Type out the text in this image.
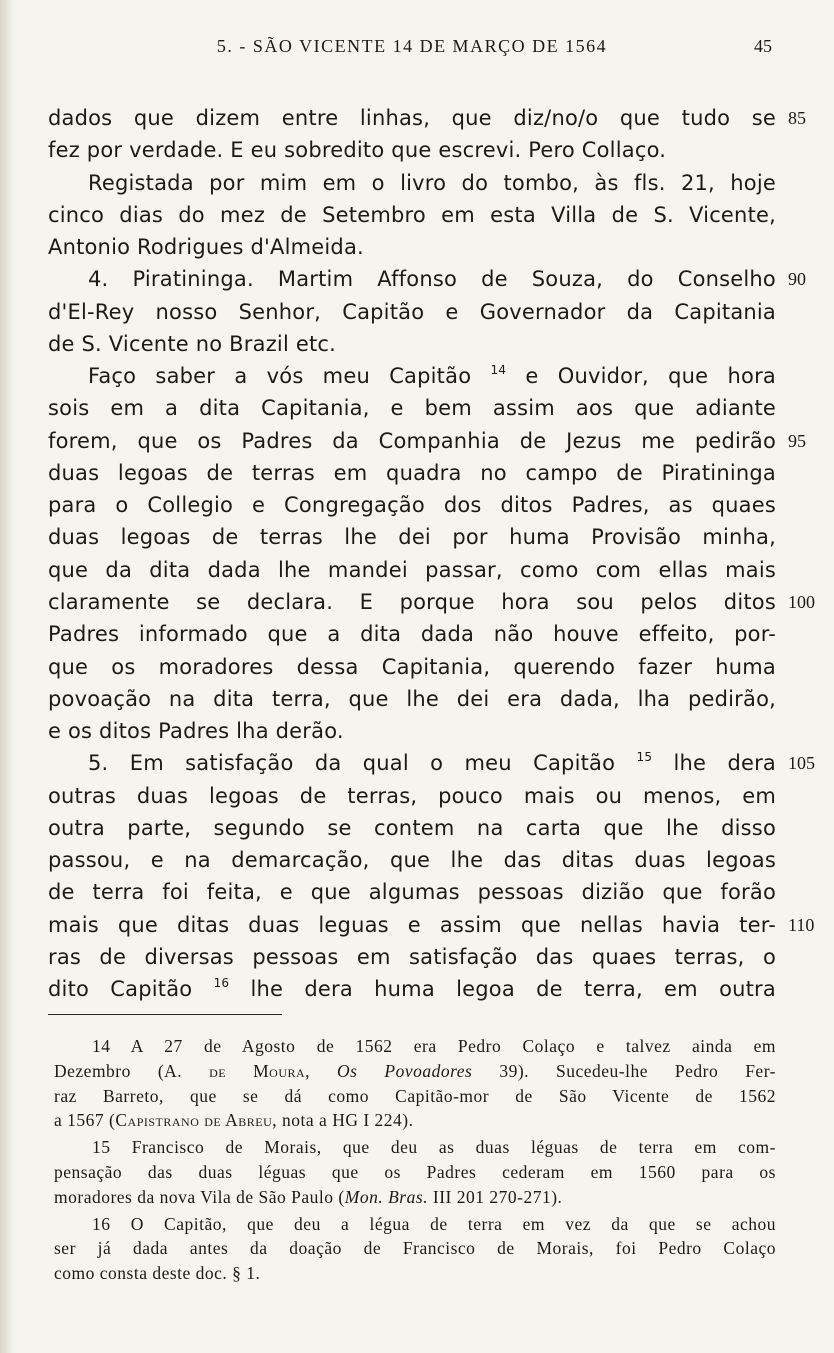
5. - SÃO VICENTE 14 DE MARÇO DE 1564	45
dados que dizem entre linhas, que diz/no/o que tudo se 85
fez por verdade. E eu sobredito que escrevi. Pero Collaço.
Registada por mim em o livro do tombo, às fls. 21, hoje
cinco dias do mez de Setembro em esta Villa de S. Vicente,
Antonio Rodrigues d'Almeida.
4. Piratininga. Martim Affonso de Souza, do Conselho 90
d'El-Rey nosso Senhor, Capitão e Governador da Capitania
de S. Vicente no Brazil etc.
Faço saber a vós meu Capitão $^{14}$ e Ouvidor, que hora
sois em a dita Capitania, e bem assim aos que adiante
forem, que os Padres da Companhia de Jezus me pedirão 95
duas legoas de terras em quadra no campo de Piratininga
para o Collegio e Congregação dos ditos Padres, as quaes
duas legoas de terras lhe dei por huma Provisão minha,
que da dita dada lhe mandei passar, como com ellas mais
claramente se declara. E porque hora sou pelos ditos 100
Padres informado que a dita dada não houve effeito, por-
que os moradores dessa Capitania, querendo fazer huma
povoação na dita terra, que lhe dei era dada, lha pedirão,
e os ditos Padres lha derão.
5. Em satisfação da qual o meu Capitão $^{15}$ lhe dera 105
outras duas legoas de terras, pouco mais ou menos, em
outra parte, segundo se contem na carta que lhe disso
passou, e na demarcação, que lhe das ditas duas legoas
de terra foi feita, e que algumas pessoas dizião que forão
mais que ditas duas leguas e assim que nellas havia ter- 110
ras de diversas pessoas em satisfação das quaes terras, o
dito Capitão $^{16}$ lhe dera huma legoa de terra, em outra
14 A 27 de Agosto de 1562 era Pedro Colaço e talvez ainda em
Dezembro (A. de Moura, Os Povoadores 39). Sucedeu-lhe Pedro Fer-
raz Barreto, que se dá como Capitão-mor de São Vicente de 1562
a 1567 (Capistrano de Abreu, nota a HG I 224).
15 Francisco de Morais, que deu as duas léguas de terra em com-
pensação das duas léguas que os Padres cederam em 1560 para os
moradores da nova Vila de São Paulo (Mon. Bras. III 201 270-271).
16 O Capitão, que deu a légua de terra em vez da que se achou
ser já dada antes da doação de Francisco de Morais, foi Pedro Colaço
como consta deste doc. § 1.
